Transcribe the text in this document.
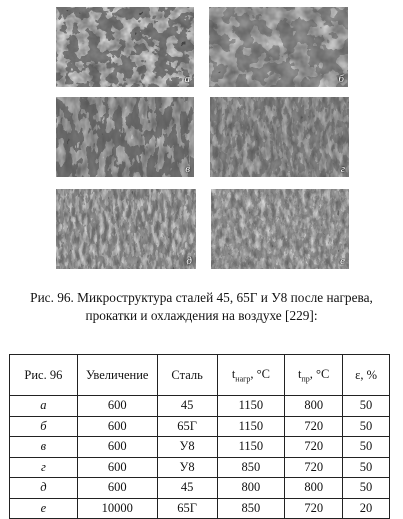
а	б
в	г
д	е
Рис. 96. Микроструктура сталей 45, 65Г и У8 после нагрева,
прокатки и охлаждения на воздухе [229]:
Рис. 96	Увеличение	Сталь	$t_{нагр}$, °С	$t_{пр}$, °С	ε, %
а	600	45	1150	800	50
б	600	65Г	1150	720	50
в	600	У8	1150	720	50
г	600	У8	850	720	50
д	600	45	800	800	50
е	10000	65Г	850	720	20
